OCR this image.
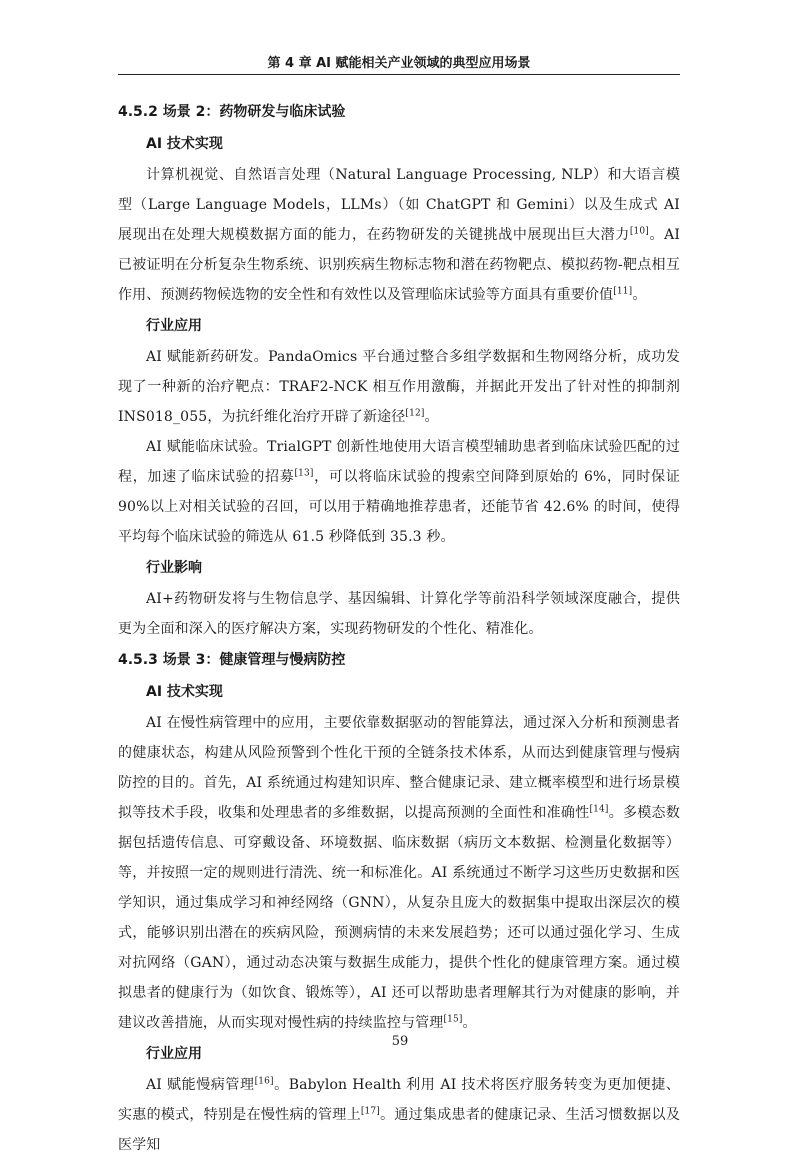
第 4 章 AI 赋能相关产业领域的典型应用场景

4.5.2 场景 2：药物研发与临床试验

AI 技术实现

计算机视觉、自然语言处理（Natural Language Processing, NLP）和大语言模型（Large Language Models，LLMs）（如 ChatGPT 和 Gemini）以及生成式 AI 展现出在处理大规模数据方面的能力，在药物研发的关键挑战中展现出巨大潜力[10]。AI 已被证明在分析复杂生物系统、识别疾病生物标志物和潜在药物靶点、模拟药物-靶点相互作用、预测药物候选物的安全性和有效性以及管理临床试验等方面具有重要价值[11]。

行业应用

AI 赋能新药研发。PandaOmics 平台通过整合多组学数据和生物网络分析，成功发现了一种新的治疗靶点：TRAF2-NCK 相互作用激酶，并据此开发出了针对性的抑制剂INS018_055，为抗纤维化治疗开辟了新途径[12]。

AI 赋能临床试验。TrialGPT 创新性地使用大语言模型辅助患者到临床试验匹配的过程，加速了临床试验的招募[13]，可以将临床试验的搜索空间降到原始的 6%，同时保证 90%以上对相关试验的召回，可以用于精确地推荐患者，还能节省 42.6% 的时间，使得平均每个临床试验的筛选从 61.5 秒降低到 35.3 秒。

行业影响

AI+药物研发将与生物信息学、基因编辑、计算化学等前沿科学领域深度融合，提供更为全面和深入的医疗解决方案，实现药物研发的个性化、精准化。

4.5.3 场景 3：健康管理与慢病防控

AI 技术实现

AI 在慢性病管理中的应用，主要依靠数据驱动的智能算法，通过深入分析和预测患者的健康状态，构建从风险预警到个性化干预的全链条技术体系，从而达到健康管理与慢病防控的目的。首先，AI 系统通过构建知识库、整合健康记录、建立概率模型和进行场景模拟等技术手段，收集和处理患者的多维数据，以提高预测的全面性和准确性[14]。多模态数据包括遗传信息、可穿戴设备、环境数据、临床数据（病历文本数据、检测量化数据等）等，并按照一定的规则进行清洗、统一和标准化。AI 系统通过不断学习这些历史数据和医学知识，通过集成学习和神经网络（GNN），从复杂且庞大的数据集中提取出深层次的模式，能够识别出潜在的疾病风险，预测病情的未来发展趋势；还可以通过强化学习、生成对抗网络（GAN），通过动态决策与数据生成能力，提供个性化的健康管理方案。通过模拟患者的健康行为（如饮食、锻炼等），AI 还可以帮助患者理解其行为对健康的影响，并建议改善措施，从而实现对慢性病的持续监控与管理[15]。

行业应用

AI 赋能慢病管理[16]。Babylon Health 利用 AI 技术将医疗服务转变为更加便捷、实惠的模式，特别是在慢性病的管理上[17]。通过集成患者的健康记录、生活习惯数据以及医学知

59
